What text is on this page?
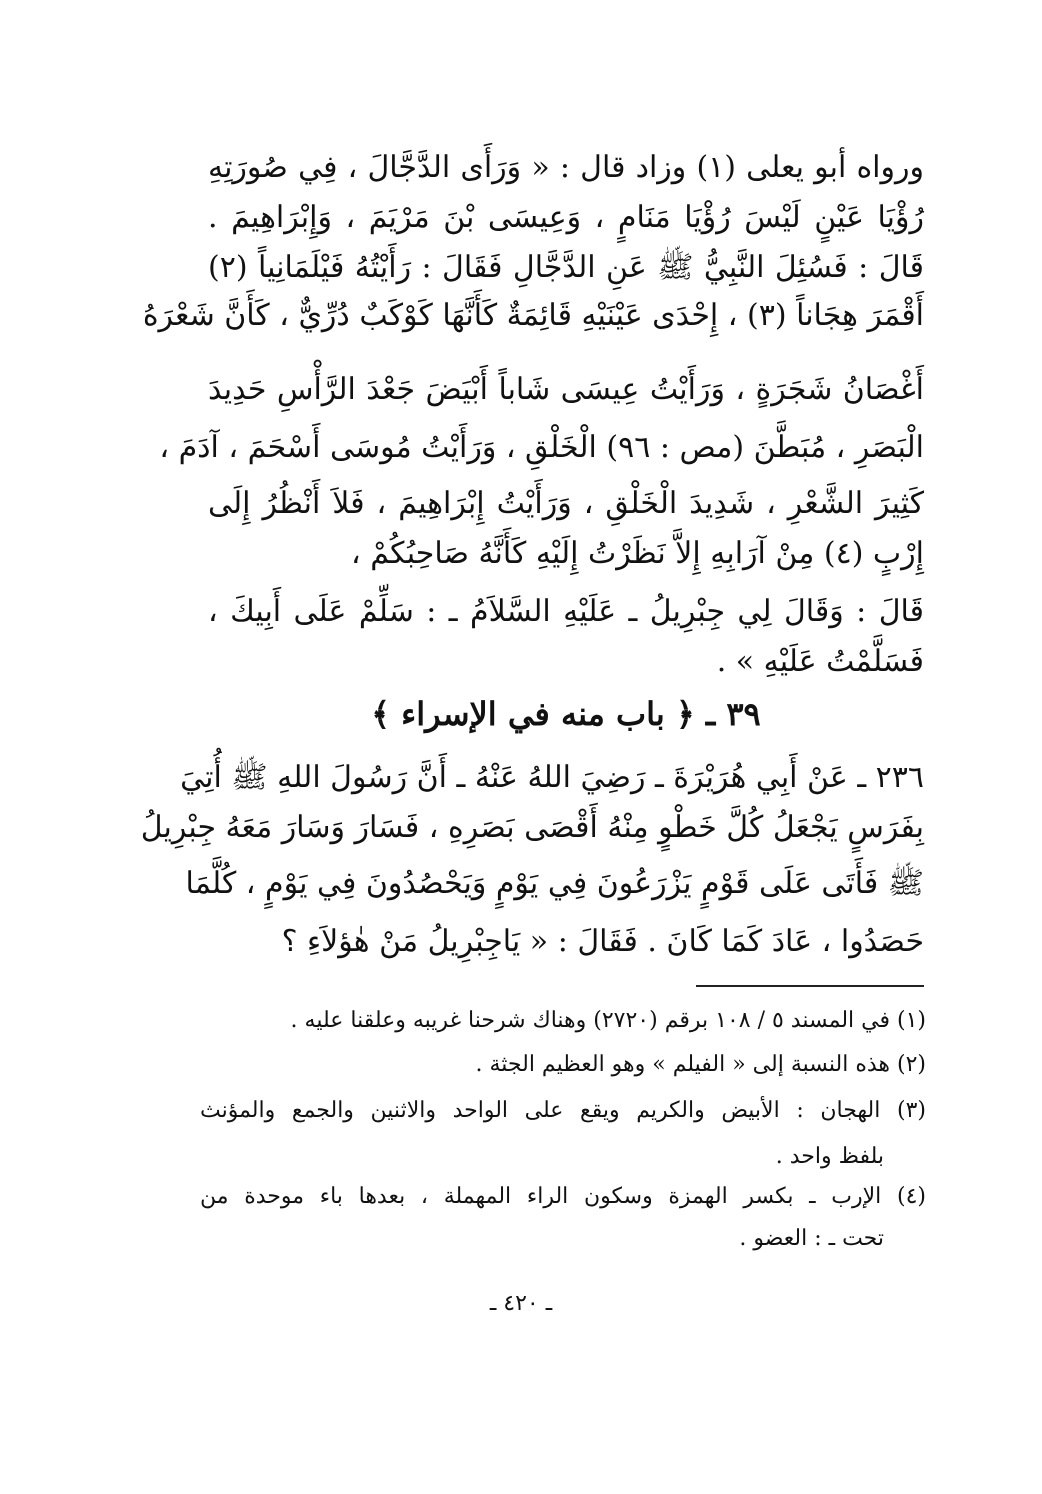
ورواه أبو يعلى (١) وزاد قال : « وَرَأَى الدَّجَّالَ ، فِي صُورَتِهِ
رُؤْيَا عَيْنٍ لَيْسَ رُؤْيَا مَنَامٍ ، وَعِيسَى بْنَ مَرْيَمَ ، وَإِبْرَاهِيمَ .
قَالَ : فَسُئِلَ النَّبِيُّ ﷺ عَنِ الدَّجَّالِ فَقَالَ : رَأَيْتُهُ فَيْلَمَانِياً (٢)
أَقْمَرَ هِجَاناً (٣) ، إِحْدَى عَيْنَيْهِ قَائِمَةٌ كَأَنَّهَا كَوْكَبٌ دُرِّيٌّ ، كَأَنَّ شَعْرَهُ
أَغْصَانُ شَجَرَةٍ ، وَرَأَيْتُ عِيسَى شَاباً أَبْيَضَ جَعْدَ الرَّأْسِ حَدِيدَ
الْبَصَرِ ، مُبَطَّنَ (مص : ٩٦) الْخَلْقِ ، وَرَأَيْتُ مُوسَى أَسْحَمَ ، آدَمَ ،
كَثِيرَ الشَّعْرِ ، شَدِيدَ الْخَلْقِ ، وَرَأَيْتُ إِبْرَاهِيمَ ، فَلاَ أَنْظُرُ إِلَى
إِرْبٍ (٤) مِنْ آرَابِهِ إِلاَّ نَظَرْتُ إِلَيْهِ كَأَنَّهُ صَاحِبُكُمْ ،
قَالَ : وَقَالَ لِي جِبْرِيلُ ـ عَلَيْهِ السَّلاَمُ ـ : سَلِّمْ عَلَى أَبِيكَ ،
فَسَلَّمْتُ عَلَيْهِ » .
٣٩ ـ ﴿ باب منه في الإسراء ﴾
٢٣٦ ـ عَنْ أَبِي هُرَيْرَةَ ـ رَضِيَ اللهُ عَنْهُ ـ أَنَّ رَسُولَ اللهِ ﷺ أُتِيَ
بِفَرَسٍ يَجْعَلُ كُلَّ خَطْوٍ مِنْهُ أَقْصَى بَصَرِهِ ، فَسَارَ وَسَارَ مَعَهُ جِبْرِيلُ
ﷺ فَأَتَى عَلَى قَوْمٍ يَزْرَعُونَ فِي يَوْمٍ وَيَحْصُدُونَ فِي يَوْمٍ ، كُلَّمَا
حَصَدُوا ، عَادَ كَمَا كَانَ . فَقَالَ : « يَاجِبْرِيلُ مَنْ هٰؤلاَءِ ؟
(١) في المسند ٥ / ١٠٨ برقم (٢٧٢٠) وهناك شرحنا غريبه وعلقنا عليه .
(٢) هذه النسبة إلى « الفيلم » وهو العظيم الجثة .
(٣) الهجان : الأبيض والكريم ويقع على الواحد والاثنين والجمع والمؤنث
بلفظ واحد .
(٤) الإرب ـ بكسر الهمزة وسكون الراء المهملة ، بعدها باء موحدة من
تحت ـ : العضو .
ـ ٤٢٠ ـ
